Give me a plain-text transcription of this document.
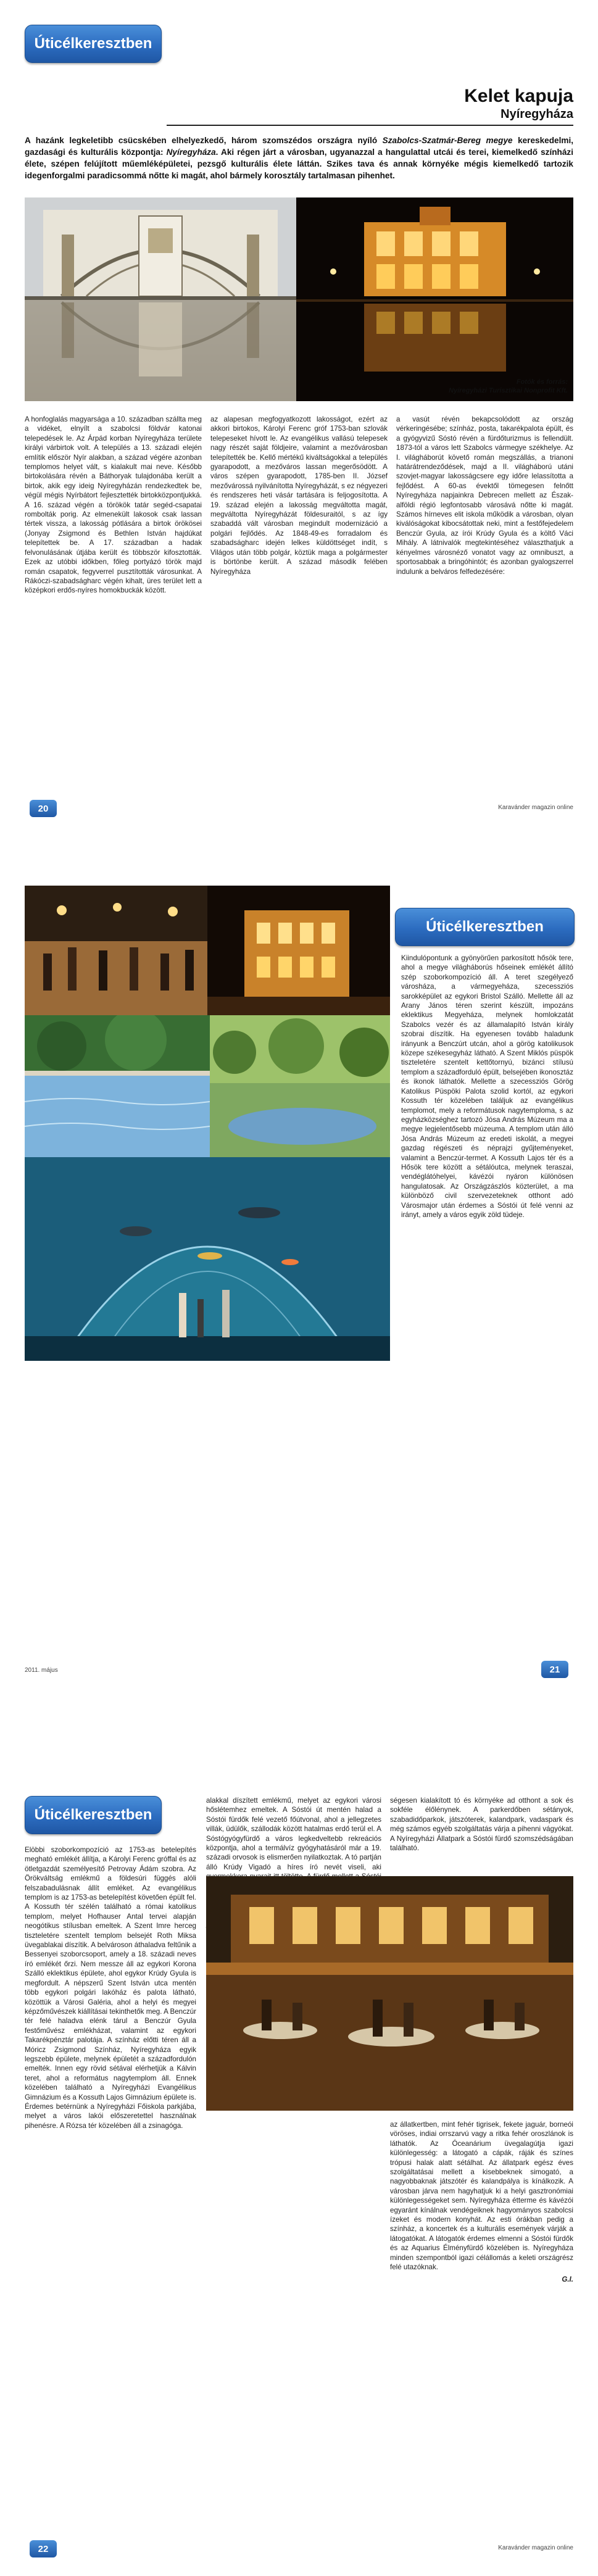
Úticélkeresztben
Kelet kapuja
Nyíregyháza
A hazánk legkeletibb csücskében elhelyezkedő, három szomszédos országra nyíló Szabolcs-Szatmár-Bereg megye kereskedelmi, gazdasági és kulturális központja: Nyíregyháza. Aki régen járt a városban, ugyanazzal a hangulattal utcái és terei, kiemelkedő színházi élete, szépen felújított műemléképületei, pezsgő kulturális élete láttán. Szikes tava és annak környéke mégis kiemelkedő tartozik idegenforgalmi paradicsommá nőtte ki magát, ahol bármely korosztály tartalmasan pihenhet.
Fotók és forrás:
Nyíregyházi Turisztikai Nonprofit Kft.

A honfoglalás magyarsága a 10. században szállta meg a vidéket, elnyílt a szabolcsi földvár katonai telepedések le. Az Árpád korban Nyíregyháza területe királyi várbirtok volt. A település a 13. századi elején említik először Nyír alakban, a század végére azonban templomos helyet vált, s kialakult mai neve. Később birtokolására révén a Báthoryak tulajdonába került a birtok, akik egy ideig Nyíregyházán rendezkedtek be, végül mégis Nyírbátort fejlesztették birtokközpontjukká. A 16. század végén a törökök tatár segéd-csapatai rombolták porig. Az elmenekült lakosok csak lassan tértek vissza, a lakosság pótlására a birtok örökösei (Jonyay Zsigmond és Bethlen István hajdúkat telepítettek be. A 17. században a hadak felvonulásának útjába került és többször kifosztották. Ezek az utóbbi időkben, főleg portyázó török majd román csapatok, fegyverrel pusztították városunkat. A Rákóczi-szabadságharc végén kihalt, üres terület lett a középkori erdős-nyíres homokbuckák között.

az alapesan megfogyatkozott lakosságot, ezért az akkori birtokos, Károlyi Ferenc gróf 1753-ban szlovák telepeseket hívott le. Az evangélikus vallású telepesek nagy részét saját földjeire, valamint a mezővárosban telepítették be. Kellő mértékű kiváltságokkal a település gyarapodott, a mezőváros lassan megerősödött. A város szépen gyarapodott, 1785-ben II. József mezővárossá nyilvánította Nyíregyházát, s ez négyezeri és rendszeres heti vásár tartására is feljogosította. A 19. század elején a lakosság megváltotta magát, megváltotta Nyíregyházát földesuraitól, s az így szabaddá vált városban megindult modernizáció a polgári fejlődés. Az 1848-49-es forradalom és szabadságharc idején lelkes küldöttséget indít, s Világos után több polgár, köztük maga a polgármester is börtönbe került. A század második felében Nyíregyháza

a vasút révén bekapcsolódott az ország vérkeringésébe; színház, posta, takarékpalota épült, és a gyógyvizű Sóstó révén a fürdőturizmus is fellendült. 1873-tól a város lett Szabolcs vármegye székhelye. Az I. világháborút követő román megszállás, a trianoni határátrendeződések, majd a II. világháború utáni szovjet-magyar lakosságcsere egy időre lelassította a fejlődést. A 60-as évektől tömegesen felnőtt Nyíregyháza napjainkra Debrecen mellett az Észak-alföldi régió legfontosabb városává nőtte ki magát. Számos hírneves elit iskola működik a városban, olyan kiválóságokat kibocsátottak neki, mint a festőfejedelem Benczúr Gyula, az írói Krúdy Gyula és a költő Váci Mihály. A látnivalók megtekintéséhez választhatjuk a kényelmes városnéző vonatot vagy az omnibuszt, a sportosabbak a bringóhintót; és azonban gyalogszerrel indulunk a belváros felfedezésére:

20	Karavánder magazin online
Úticélkeresztben

Kiindulópontunk a gyönyörűen parkosított hősök tere, ahol a megye világháborús hőseinek emlékét állító szép szoborkompozíció áll. A teret szegélyező városháza, a vármegyeháza, szecessziós sarokképület az egykori Bristol Szálló. Mellette áll az Arany János téren szerint készült, impozáns eklektikus Megyeháza, melynek homlokzatát Szabolcs vezér és az államalapító István király szobrai díszítik. Ha egyenesen tovább haladunk irányunk a Benczúrt utcán, ahol a görög katolikusok közepe székesegyház látható. A Szent Miklós püspök tiszteletére szentelt kettőtornyú, bizánci stílusú templom a századforduló épült, belsejében ikonosztáz és ikonok láthatók. Mellette a szecessziós Görög Katolikus Püspöki Palota szolid kortól, az egykori Kossuth tér közelében találjuk az evangélikus templomot, mely a reformátusok nagytemploma, s az egyházközséghez tartozó Jósa András Múzeum ma a megye legjelentősebb múzeuma. A templom után álló Jósa András Múzeum az eredeti iskolát, a megyei gazdag régészeti és néprajzi gyűjteményeket, valamint a Benczúr-termet. A Kossuth Lajos tér és a Hősök tere között a sétálóutca, melynek teraszai, vendéglátóhelyei, kávézói nyáron különösen hangulatosak. Az Országzászlós közterület, a ma különböző civil szervezeteknek otthont adó Városmajor után érdemes a Sóstói út felé venni az irányt, amely a város egyik zöld tüdeje.

2011. május	21
Úticélkeresztben

Elöbbi szoborkompozíció az 1753-as betelepítés megható emlékét állítja, a Károlyi Ferenc gróffal és az ötletgazdát személyesítő Petrovay Ádám szobra. Az Örökváltság emlékmű a földesúri függés alóli felszabadulásnak állít emléket. Az evangélikus templom is az 1753-as betelepítést követően épült fel. A Kossuth tér szélén található a római katolikus templom, melyet Hofhauser Antal tervei alapján neogótikus stílusban emeltek. A Szent Imre herceg tiszteletére szentelt templom belsejét Roth Miksa üvegablakai díszítik. A belvároson áthaladva feltűnik a Bessenyei szoborcsoport, amely a 18. századi neves író emlékét őrzi. Nem messze áll az egykori Korona Szálló eklektikus épülete, ahol egykor Krúdy Gyula is megfordult. A népszerű Szent István utca mentén több egykori polgári lakóház és palota látható, közöttük a Városi Galéria, ahol a helyi és megyei képzőművészek kiállításai tekinthetők meg. A Benczúr tér felé haladva elénk tárul a Benczúr Gyula festőművész emlékházat, valamint az egykori Takarékpénztár palotája. A színház előtti téren áll a Móricz Zsigmond Színház, Nyíregyháza egyik legszebb épülete, melynek épületét a századfordulón emelték. Innen egy rövid sétával elérhetjük a Kálvin teret, ahol a református nagytemplom áll. Ennek közelében található a Nyíregyházi Evangélikus Gimnázium és a Kossuth Lajos Gimnázium épülete is. Érdemes betérnünk a Nyíregyházi Főiskola parkjába, melyet a város lakói előszeretettel használnak pihenésre. A Rózsa tér közelében áll a zsinagóga.

alakkal díszített emlékmű, melyet az egykori városi hőslétemhez emeltek. A Sóstói út mentén halad a Sóstói fürdők felé vezető főútvonal, ahol a jellegzetes villák, üdülők, szállodák között hatalmas erdő terül el. A Sóstógyógyfürdő a város legkedveltebb rekreációs központja, ahol a termálvíz gyógyhatásáról már a 19. századi orvosok is elismerően nyilatkoztak. A tó partján álló Krúdy Vigadó a híres író nevét viseli, aki

ségesen kialakított tó és környéke ad otthont a sok és sokféle élőlénynek. A parkerdőben sétányok, szabadidőparkok, játszóterek, kalandpark, vadaspark és még számos egyéb szolgáltatás várja a pihenni vágyókat. A Nyíregyházi Állatpark a Sóstói fürdő szomszédságában található.

az állatkertben, mint fehér tigrisek, fekete jaguár, borneói vöröses, indiai orrszarvú vagy a ritka fehér oroszlánok is láthatók. Az Óceanárium üvegalagútja igazi különlegesség: a látogató a cápák, ráják és színes trópusi halak alatt sétálhat. Az állatpark egész éves szolgáltatásai mellett a kisebbeknek simogató, a nagyobbaknak játszótér és kalandpálya is kínálkozik. A városban járva nem hagyhatjuk ki a helyi gasztronómiai különlegességeket sem. Nyíregyháza étterme és kávézói egyaránt kínálnak vendégeiknek hagyományos szabolcsi ízeket és modern konyhát. Az esti órákban pedig a színház, a koncertek és a kulturális események várják a látogatókat. A látogatók érdemes elmenni a Sóstói fürdők és az Aquarius Élményfürdő közelében is. Nyíregyháza minden szempontból igazi célállomás a keleti országrész felé utazóknak.

G.I.

22	Karavánder magazin online
